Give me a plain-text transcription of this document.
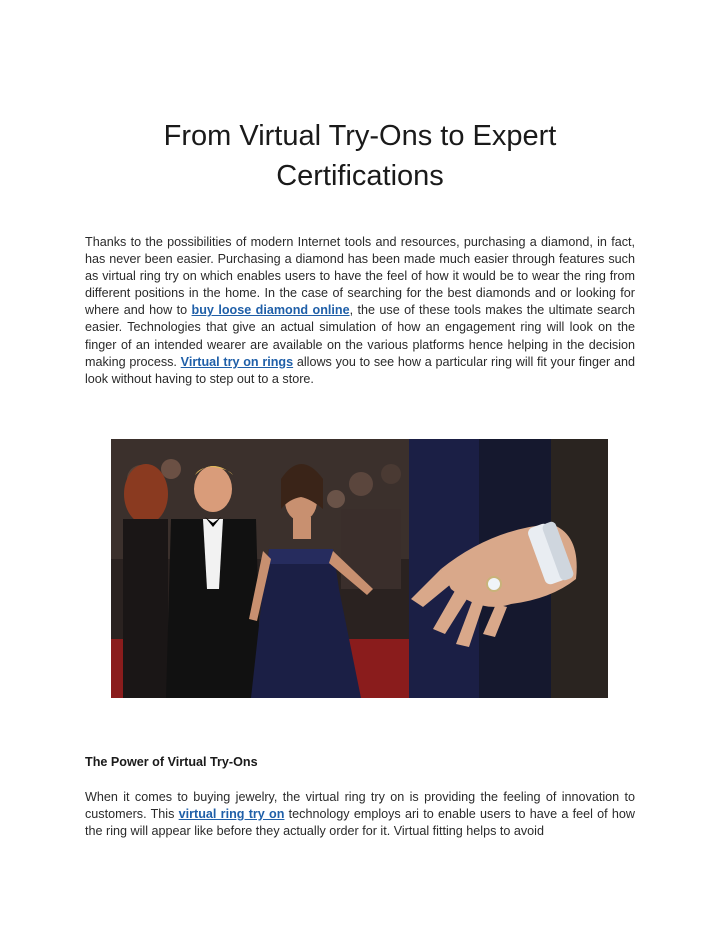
From Virtual Try-Ons to Expert Certifications

Thanks to the possibilities of modern Internet tools and resources, purchasing a diamond, in fact, has never been easier. Purchasing a diamond has been made much easier through features such as virtual ring try on which enables users to have the feel of how it would be to wear the ring from different positions in the home. In the case of searching for the best diamonds and or looking for where and how to buy loose diamond online, the use of these tools makes the ultimate search easier. Technologies that give an actual simulation of how an engagement ring will look on the finger of an intended wearer are available on the various platforms hence helping in the decision making process. Virtual try on rings allows you to see how a particular ring will fit your finger and look without having to step out to a store.

The Power of Virtual Try-Ons

When it comes to buying jewelry, the virtual ring try on is providing the feeling of innovation to customers. This virtual ring try on technology employs ari to enable users to have a feel of how the ring will appear like before they actually order for it. Virtual fitting helps to avoid
